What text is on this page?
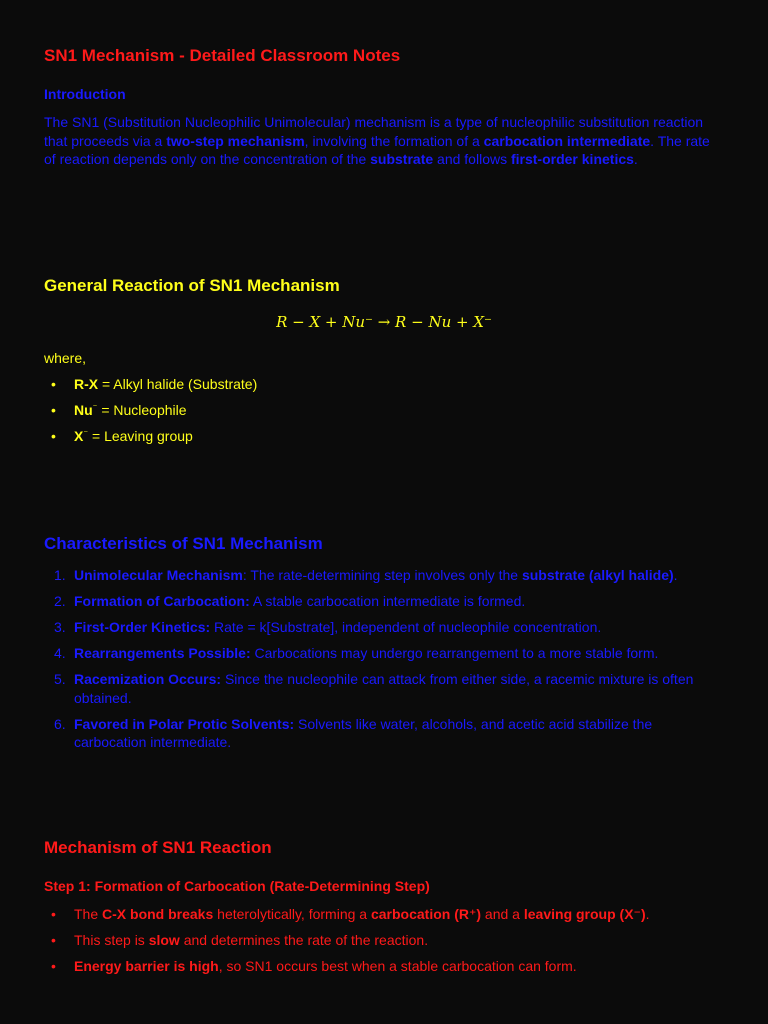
SN1 Mechanism - Detailed Classroom Notes
Introduction

The SN1 (Substitution Nucleophilic Unimolecular) mechanism is a type of nucleophilic substitution reaction that proceeds via a two-step mechanism, involving the formation of a carbocation intermediate. The rate of reaction depends only on the concentration of the substrate and follows first-order kinetics.

General Reaction of SN1 Mechanism
R − X + Nu⁻ → R − Nu + X⁻

where,

• R-X = Alkyl halide (Substrate)
• Nu⁻ = Nucleophile
• X⁻ = Leaving group
Characteristics of SN1 Mechanism
1. Unimolecular Mechanism: The rate-determining step involves only the substrate (alkyl halide).
2. Formation of Carbocation: A stable carbocation intermediate is formed.
3. First-Order Kinetics: Rate = k[Substrate], independent of nucleophile concentration.
4. Rearrangements Possible: Carbocations may undergo rearrangement to a more stable form.
5. Racemization Occurs: Since the nucleophile can attack from either side, a racemic mixture is often obtained.
6. Favored in Polar Protic Solvents: Solvents like water, alcohols, and acetic acid stabilize the carbocation intermediate.
Mechanism of SN1 Reaction
Step 1: Formation of Carbocation (Rate-Determining Step)
• The C-X bond breaks heterolytically, forming a carbocation (R⁺) and a leaving group (X⁻).
• This step is slow and determines the rate of the reaction.
• Energy barrier is high, so SN1 occurs best when a stable carbocation can form.
